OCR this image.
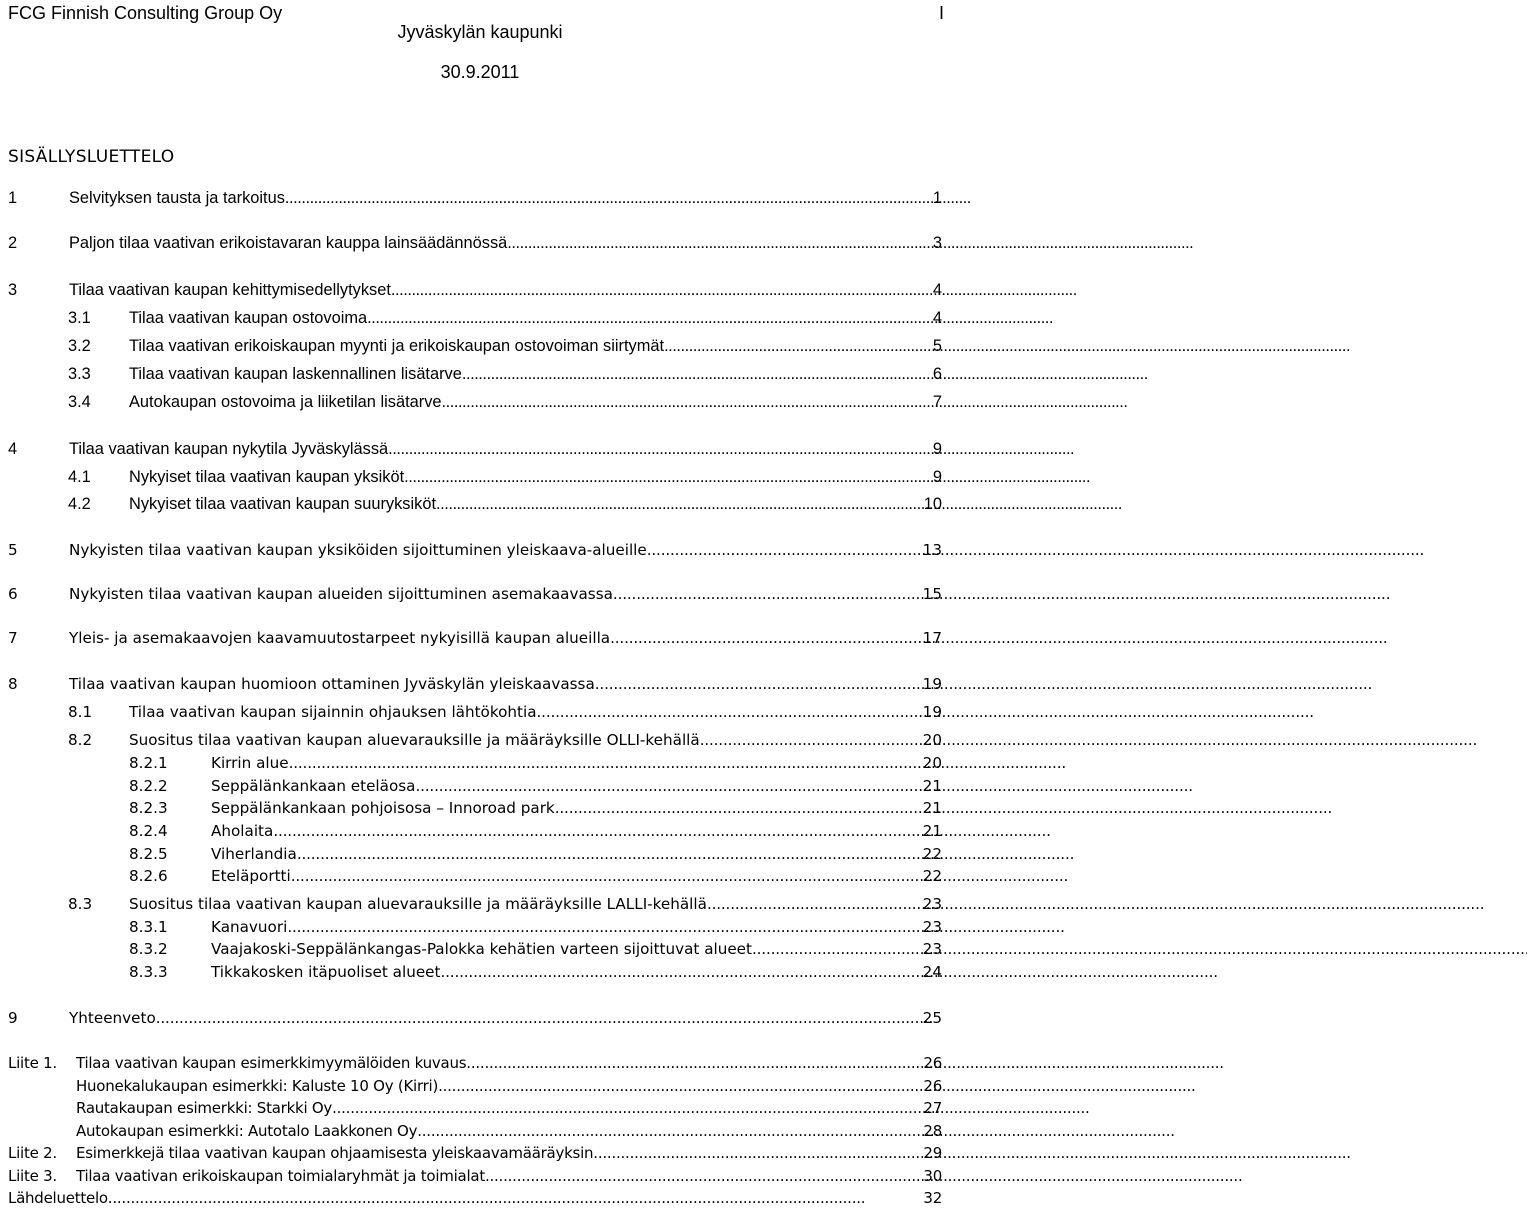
FCG Finnish Consulting Group Oy	I
Jyväskylän kaupunki
30.9.2011
SISÄLLYSLUETTELO
1	Selvityksen tausta ja tarkoitus . . .	1
2	Paljon tilaa vaativan erikoistavaran kauppa lainsäädännössä . . .	3
3	Tilaa vaativan kaupan kehittymisedellytykset . . .	4
3.1	Tilaa vaativan kaupan ostovoima . . .	4
3.2	Tilaa vaativan erikoiskaupan myynti ja erikoiskaupan ostovoiman siirtymät . . .	5
3.3	Tilaa vaativan kaupan laskennallinen lisätarve . . .	6
3.4	Autokaupan ostovoima ja liiketilan lisätarve . . .	7
4	Tilaa vaativan kaupan nykytila Jyväskylässä . . .	9
4.1	Nykyiset tilaa vaativan kaupan yksiköt . . .	9
4.2	Nykyiset tilaa vaativan kaupan suuryksiköt . . .	10
5	Nykyisten tilaa vaativan kaupan yksiköiden sijoittuminen yleiskaava-alueille . . .	13
6	Nykyisten tilaa vaativan kaupan alueiden sijoittuminen asemakaavassa . . .	15
7	Yleis- ja asemakaavojen kaavamuutostarpeet nykyisillä kaupan alueilla . . .	17
8	Tilaa vaativan kaupan huomioon ottaminen Jyväskylän yleiskaavassa . . .	19
8.1	Tilaa vaativan kaupan sijainnin ohjauksen lähtökohtia . . .	19
8.2	Suositus tilaa vaativan kaupan aluevarauksille ja määräyksille OLLI-kehällä . . .	20
8.2.1	Kirrin alue . . .	20
8.2.2	Seppälänkankaan eteläosa . . .	21
8.2.3	Seppälänkankaan pohjoisosa – Innoroad park . . .	21
8.2.4	Aholaita . . .	21
8.2.5	Viherlandia . . .	22
8.2.6	Eteläportti . . .	22
8.3	Suositus tilaa vaativan kaupan aluevarauksille ja määräyksille LALLI-kehällä . . .	23
8.3.1	Kanavuori . . .	23
8.3.2	Vaajakoski-Seppälänkangas-Palokka kehätien varteen sijoittuvat alueet . . .	23
8.3.3	Tikkakosken itäpuoliset alueet . . .	24
9	Yhteenveto . . .	25
Liite 1.	Tilaa vaativan kaupan esimerkkimyymälöiden kuvaus . . .	26
Huonekalukaupan esimerkki: Kaluste 10 Oy (Kirri) . . .	26
Rautakaupan esimerkki: Starkki Oy . . .	27
Autokaupan esimerkki: Autotalo Laakkonen Oy . . .	28
Liite 2.	Esimerkkejä tilaa vaativan kaupan ohjaamisesta yleiskaavamääräyksin . . .	29
Liite 3.	Tilaa vaativan erikoiskaupan toimialaryhmät ja toimialat . . .	30
Lähdeluettelo . . .	32
